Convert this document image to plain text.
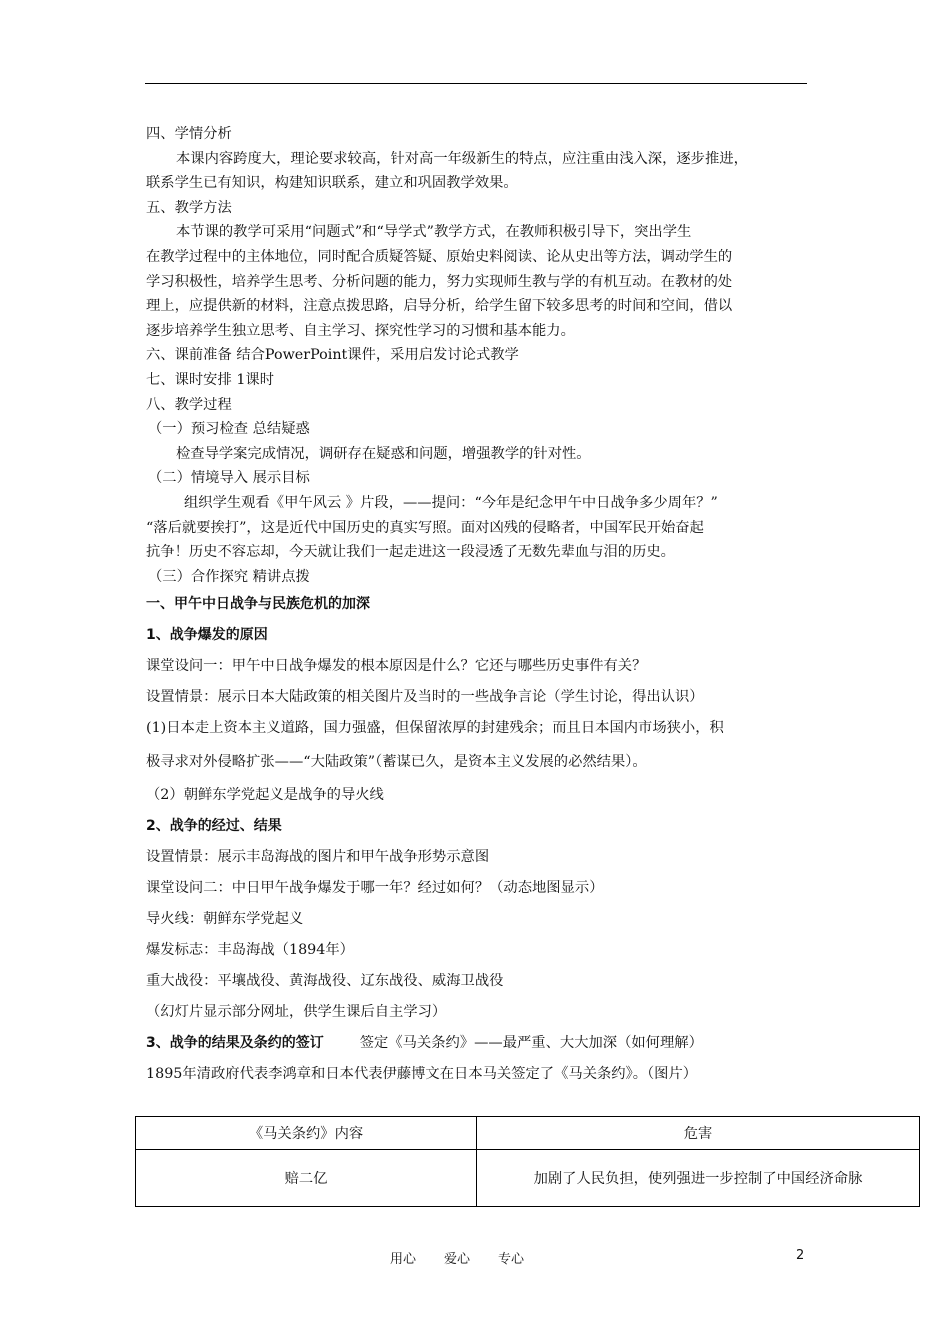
四、学情分析
本课内容跨度大，理论要求较高，针对高一年级新生的特点，应注重由浅入深，逐步推进，
联系学生已有知识，构建知识联系，建立和巩固教学效果。
五、教学方法
本节课的教学可采用“问题式”和“导学式”教学方式，在教师积极引导下，突出学生
在教学过程中的主体地位，同时配合质疑答疑、原始史料阅读、论从史出等方法，调动学生的
学习积极性，培养学生思考、分析问题的能力，努力实现师生教与学的有机互动。在教材的处
理上，应提供新的材料，注意点拨思路，启导分析，给学生留下较多思考的时间和空间，借以
逐步培养学生独立思考、自主学习、探究性学习的习惯和基本能力。
六、课前准备 结合PowerPoint课件，采用启发讨论式教学
七、课时安排 1课时
八、教学过程
（一）预习检查 总结疑惑
检查导学案完成情况，调研存在疑惑和问题，增强教学的针对性。
（二）情境导入 展示目标
组织学生观看《甲午风云 》片段，——提问：“今年是纪念甲午中日战争多少周年？”
“落后就要挨打”，这是近代中国历史的真实写照。面对凶残的侵略者，中国军民开始奋起
抗争！历史不容忘却，今天就让我们一起走进这一段浸透了无数先辈血与泪的历史。
（三）合作探究 精讲点拨
一、甲午中日战争与民族危机的加深
1、战争爆发的原因
课堂设问一：甲午中日战争爆发的根本原因是什么？它还与哪些历史事件有关？
设置情景：展示日本大陆政策的相关图片及当时的一些战争言论（学生讨论，得出认识）
(1)日本走上资本主义道路，国力强盛，但保留浓厚的封建残余；而且日本国内市场狭小，积
极寻求对外侵略扩张——“大陆政策”（蓄谋已久，是资本主义发展的必然结果）。
（2）朝鲜东学党起义是战争的导火线
2、战争的经过、结果
设置情景：展示丰岛海战的图片和甲午战争形势示意图
课堂设问二：中日甲午战争爆发于哪一年？经过如何？（动态地图显示）
导火线：朝鲜东学党起义
爆发标志：丰岛海战（1894年）
重大战役：平壤战役、黄海战役、辽东战役、威海卫战役
（幻灯片显示部分网址，供学生课后自主学习）
3、战争的结果及条约的签订	签定《马关条约》——最严重、大大加深（如何理解）
1895年清政府代表李鸿章和日本代表伊藤博文在日本马关签定了《马关条约》。（图片）
《马关条约》内容	危害
赔二亿	加剧了人民负担，使列强进一步控制了中国经济命脉
用心 爱心 专心	2
